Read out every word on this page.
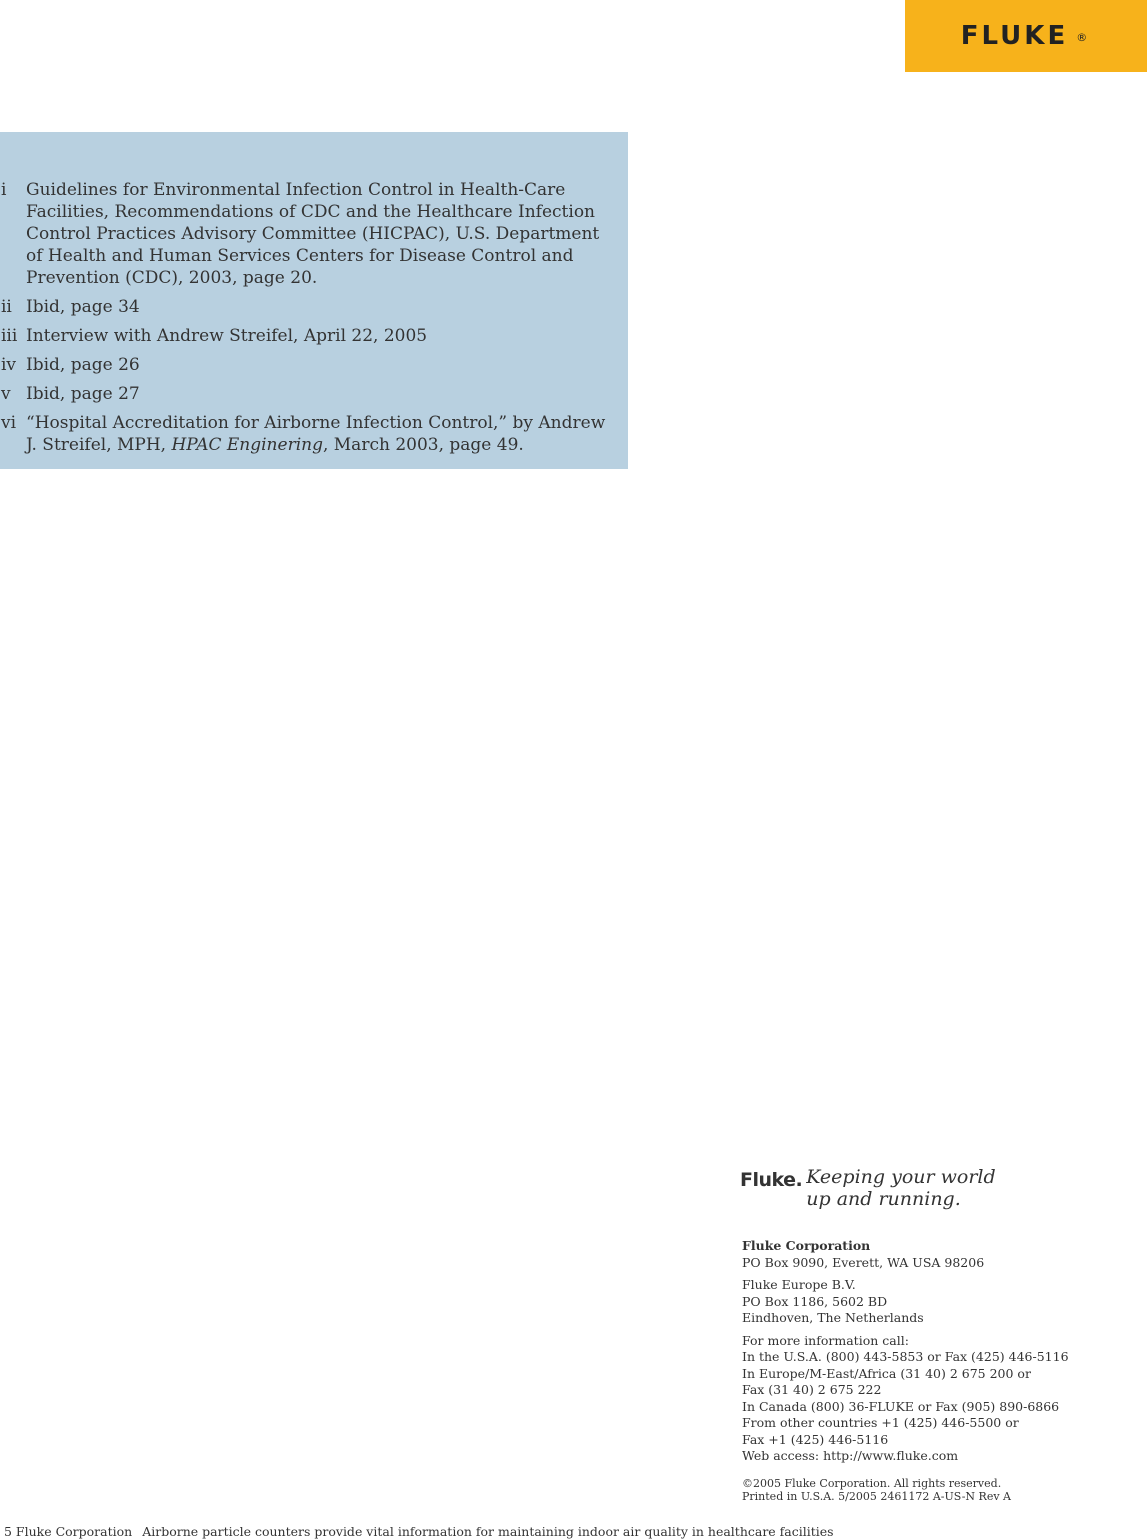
FLUKE ®
i	Guidelines for Environmental Infection Control in Health-Care Facilities, Recommendations of CDC and the Healthcare Infection Control Practices Advisory Committee (HICPAC), U.S. Department of Health and Human Services Centers for Disease Control and Prevention (CDC), 2003, page 20.
ii Ibid, page 34
iii Interview with Andrew Streifel, April 22, 2005
iv Ibid, page 26
v Ibid, page 27
vi “Hospital Accreditation for Airborne Infection Control,” by Andrew J. Streifel, MPH, HPAC Enginering, March 2003, page 49.
Fluke. Keeping your world up and running.
Fluke Corporation
PO Box 9090, Everett, WA USA 98206
Fluke Europe B.V.
PO Box 1186, 5602 BD
Eindhoven, The Netherlands
For more information call:
In the U.S.A. (800) 443-5853 or Fax (425) 446-5116
In Europe/M-East/Africa (31 40) 2 675 200 or
Fax (31 40) 2 675 222
In Canada (800) 36-FLUKE or Fax (905) 890-6866
From other countries +1 (425) 446-5500 or
Fax +1 (425) 446-5116
Web access: http://www.fluke.com
©2005 Fluke Corporation. All rights reserved.
Printed in U.S.A. 5/2005 2461172 A-US-N Rev A
5 Fluke Corporation Airborne particle counters provide vital information for maintaining indoor air quality in healthcare facilities
